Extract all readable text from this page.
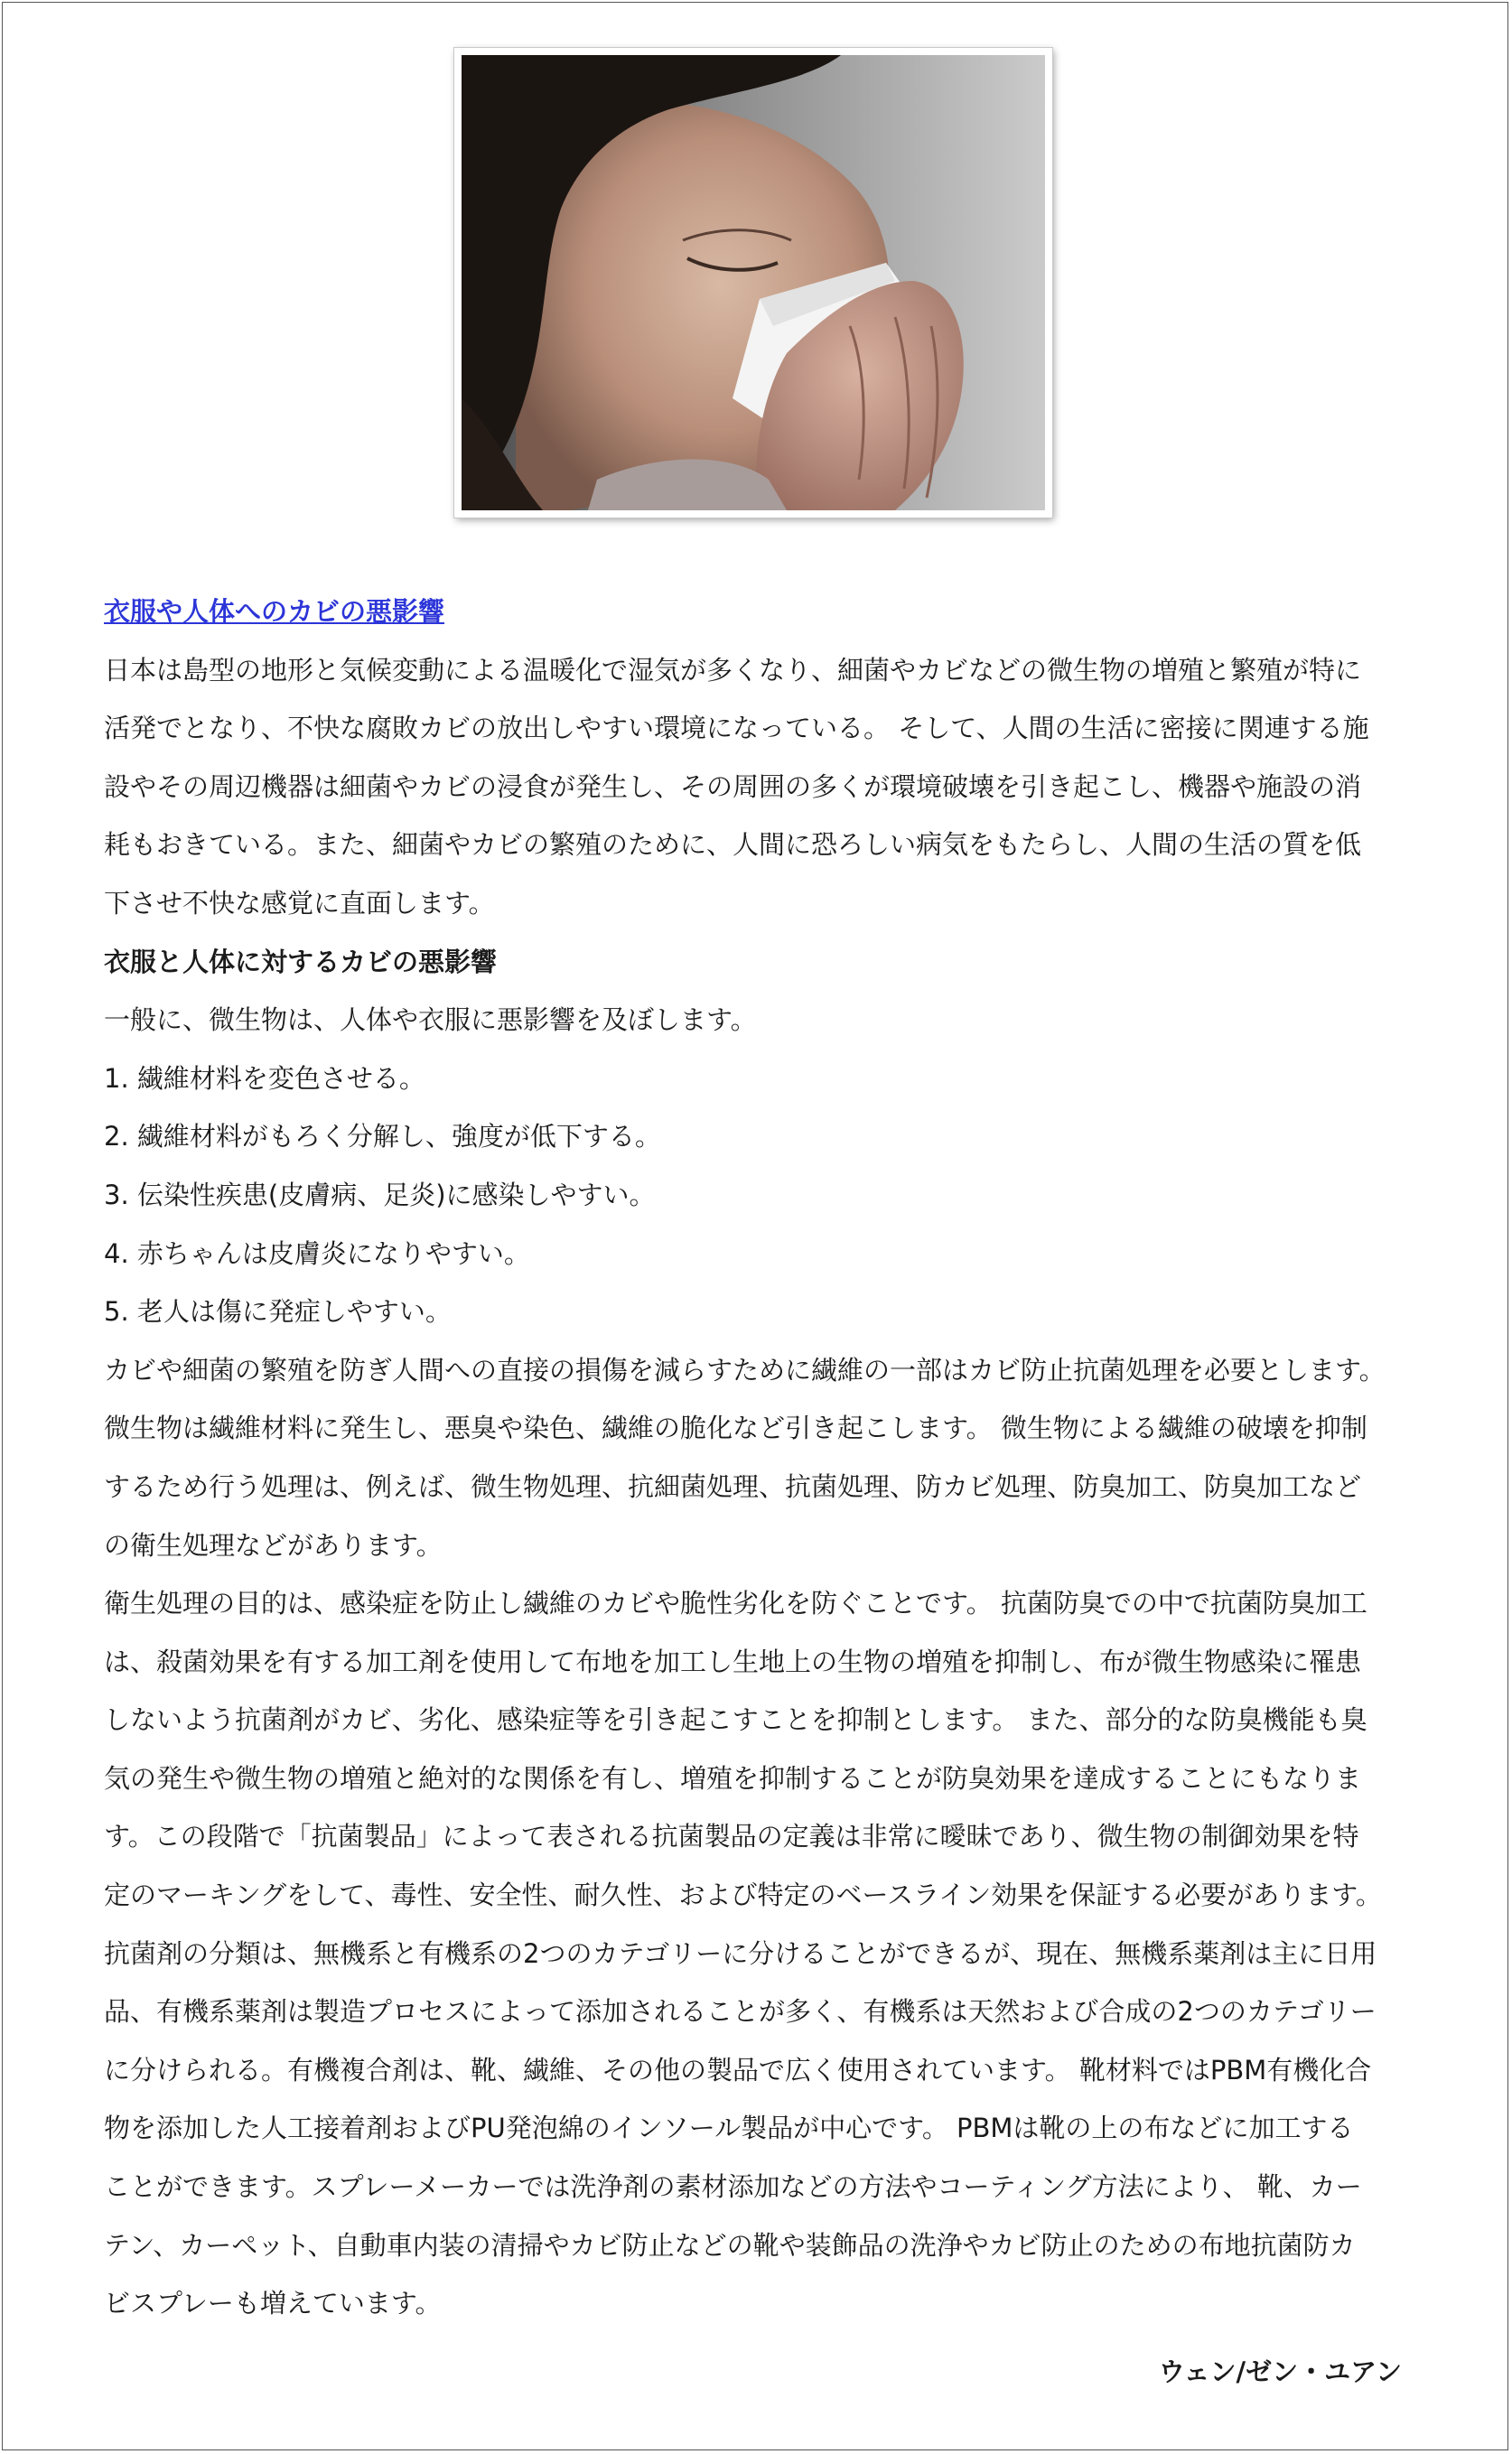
衣服や人体へのカビの悪影響

日本は島型の地形と気候変動による温暖化で湿気が多くなり、細菌やカビなどの微生物の増殖と繁殖が特に

活発でとなり、不快な腐敗カビの放出しやすい環境になっている。 そして、人間の生活に密接に関連する施

設やその周辺機器は細菌やカビの浸食が発生し、その周囲の多くが環境破壊を引き起こし、機器や施設の消

耗もおきている。また、細菌やカビの繁殖のために、人間に恐ろしい病気をもたらし、人間の生活の質を低

下させ不快な感覚に直面します。

衣服と人体に対するカビの悪影響

一般に、微生物は、人体や衣服に悪影響を及ぼします。

1. 繊維材料を変色させる。

2. 繊維材料がもろく分解し、強度が低下する。

3. 伝染性疾患(皮膚病、足炎)に感染しやすい。

4. 赤ちゃんは皮膚炎になりやすい。

5. 老人は傷に発症しやすい。

カビや細菌の繁殖を防ぎ人間への直接の損傷を減らすために繊維の一部はカビ防止抗菌処理を必要とします。

微生物は繊維材料に発生し、悪臭や染色、繊維の脆化など引き起こします。 微生物による繊維の破壊を抑制

するため行う処理は、例えば、微生物処理、抗細菌処理、抗菌処理、防カビ処理、防臭加工、防臭加工など

の衛生処理などがあります。

衛生処理の目的は、感染症を防止し繊維のカビや脆性劣化を防ぐことです。 抗菌防臭での中で抗菌防臭加工

は、殺菌効果を有する加工剤を使用して布地を加工し生地上の生物の増殖を抑制し、布が微生物感染に罹患

しないよう抗菌剤がカビ、劣化、感染症等を引き起こすことを抑制とします。 また、部分的な防臭機能も臭

気の発生や微生物の増殖と絶対的な関係を有し、増殖を抑制することが防臭効果を達成することにもなりま

す。この段階で「抗菌製品」によって表される抗菌製品の定義は非常に曖昧であり、微生物の制御効果を特

定のマーキングをして、毒性、安全性、耐久性、および特定のベースライン効果を保証する必要があります。

抗菌剤の分類は、無機系と有機系の2つのカテゴリーに分けることができるが、現在、無機系薬剤は主に日用

品、有機系薬剤は製造プロセスによって添加されることが多く、有機系は天然および合成の2つのカテゴリー

に分けられる。有機複合剤は、靴、繊維、その他の製品で広く使用されています。 靴材料ではPBM有機化合

物を添加した人工接着剤およびPU発泡綿のインソール製品が中心です。 PBMは靴の上の布などに加工する

ことができます。スプレーメーカーでは洗浄剤の素材添加などの方法やコーティング方法により、 靴、カー

テン、カーペット、自動車内装の清掃やカビ防止などの靴や装飾品の洗浄やカビ防止のための布地抗菌防カ

ビスプレーも増えています。

ウェン/ゼン・ユアン
